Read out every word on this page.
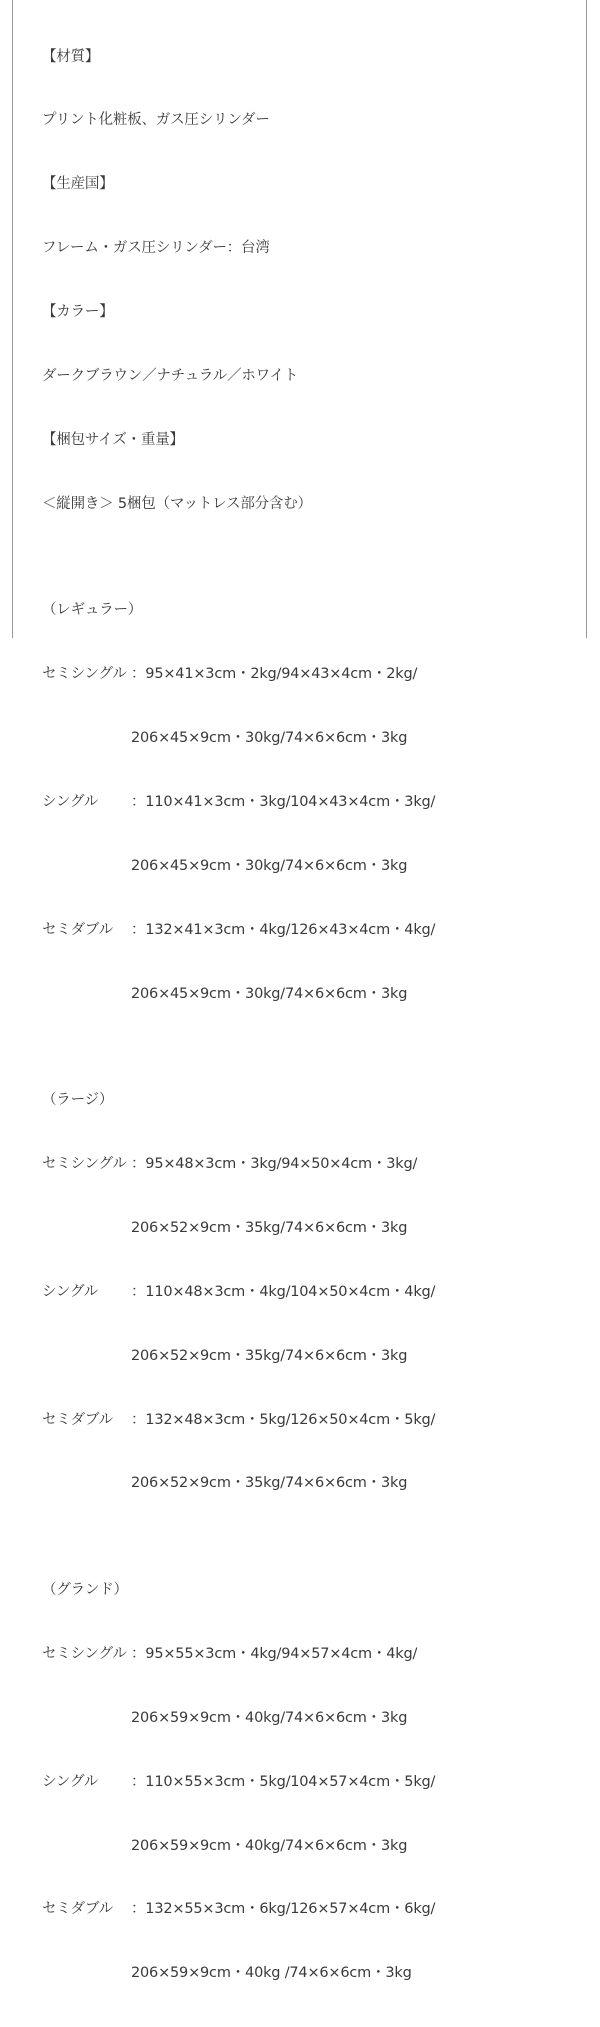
【材質】

プリント化粧板、ガス圧シリンダー

【生産国】

フレーム・ガス圧シリンダー：台湾

【カラー】

ダークブラウン／ナチュラル／ホワイト

【梱包サイズ・重量】

＜縦開き＞ 5梱包（マットレス部分含む）

（レギュラー）

セミシングル ：95×41×3cm・2kg/94×43×4cm・2kg/

206×45×9cm・30kg/74×6×6cm・3kg

シングル	：110×41×3cm・3kg/104×43×4cm・3kg/

206×45×9cm・30kg/74×6×6cm・3kg

セミダブル	：132×41×3cm・4kg/126×43×4cm・4kg/

206×45×9cm・30kg/74×6×6cm・3kg

（ラージ）

セミシングル ：95×48×3cm・3kg/94×50×4cm・3kg/

206×52×9cm・35kg/74×6×6cm・3kg

シングル	：110×48×3cm・4kg/104×50×4cm・4kg/

206×52×9cm・35kg/74×6×6cm・3kg

セミダブル	：132×48×3cm・5kg/126×50×4cm・5kg/

206×52×9cm・35kg/74×6×6cm・3kg

（グランド）

セミシングル ：95×55×3cm・4kg/94×57×4cm・4kg/

206×59×9cm・40kg/74×6×6cm・3kg

シングル	：110×55×3cm・5kg/104×57×4cm・5kg/

206×59×9cm・40kg/74×6×6cm・3kg

セミダブル	：132×55×3cm・6kg/126×57×4cm・6kg/

206×59×9cm・40kg /74×6×6cm・3kg
